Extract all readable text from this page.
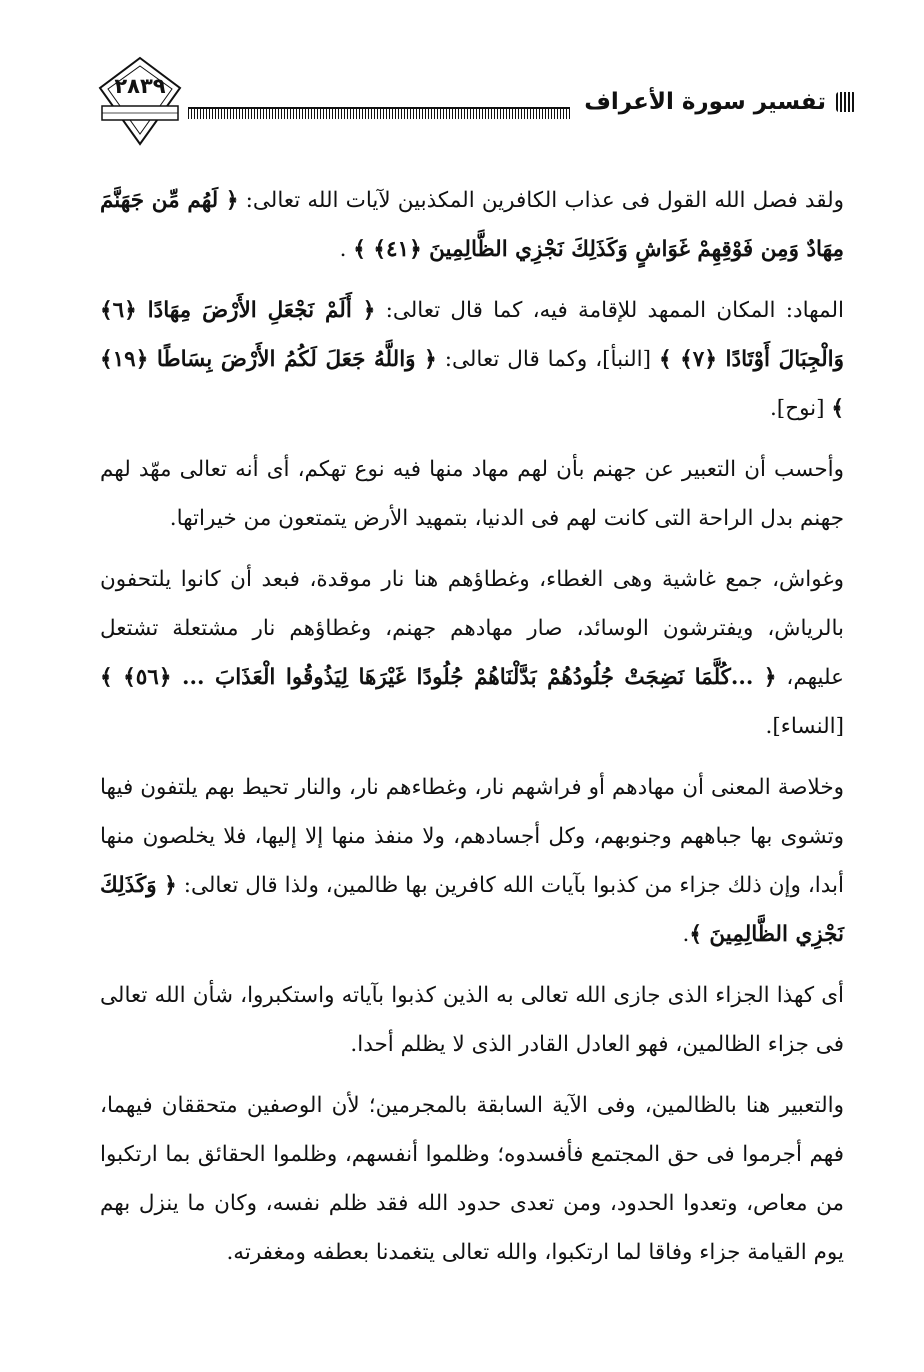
تفسير سورة الأعراف
٢٨٣٩

ولقد فصل الله القول فى عذاب الكافرين المكذبين لآيات الله تعالى: ﴿ لَهُم مِّن جَهَنَّمَ مِهَادٌ وَمِن فَوْقِهِمْ غَوَاشٍ وَكَذَلِكَ نَجْزِي الظَّالِمِينَ ﴿٤١﴾ ﴾ .

المهاد: المكان الممهد للإقامة فيه، كما قال تعالى: ﴿ أَلَمْ نَجْعَلِ الأَرْضَ مِهَادًا ﴿٦﴾ وَالْجِبَالَ أَوْتَادًا ﴿٧﴾ ﴾ [النبأ]، وكما قال تعالى: ﴿ وَاللَّهُ جَعَلَ لَكُمُ الأَرْضَ بِسَاطًا ﴿١٩﴾ ﴾ [نوح].

وأحسب أن التعبير عن جهنم بأن لهم مهاد منها فيه نوع تهكم، أى أنه تعالى مهّد لهم جهنم بدل الراحة التى كانت لهم فى الدنيا، بتمهيد الأرض يتمتعون من خيراتها.

وغواش، جمع غاشية وهى الغطاء، وغطاؤهم هنا نار موقدة، فبعد أن كانوا يلتحفون بالرياش، ويفترشون الوسائد، صار مهادهم جهنم، وغطاؤهم نار مشتعلة تشتعل عليهم، ﴿ ...كُلَّمَا نَضِجَتْ جُلُودُهُمْ بَدَّلْنَاهُمْ جُلُودًا غَيْرَهَا لِيَذُوقُوا الْعَذَابَ ... ﴿٥٦﴾ ﴾ [النساء].

وخلاصة المعنى أن مهادهم أو فراشهم نار، وغطاءهم نار، والنار تحيط بهم يلتفون فيها وتشوى بها جباههم وجنوبهم، وكل أجسادهم، ولا منفذ منها إلا إليها، فلا يخلصون منها أبدا، وإن ذلك جزاء من كذبوا بآيات الله كافرين بها ظالمين، ولذا قال تعالى: ﴿ وَكَذَلِكَ نَجْزِي الظَّالِمِينَ ﴾.

أى كهذا الجزاء الذى جازى الله تعالى به الذين كذبوا بآياته واستكبروا، شأن الله تعالى فى جزاء الظالمين، فهو العادل القادر الذى لا يظلم أحدا.

والتعبير هنا بالظالمين، وفى الآية السابقة بالمجرمين؛ لأن الوصفين متحققان فيهما، فهم أجرموا فى حق المجتمع فأفسدوه؛ وظلموا أنفسهم، وظلموا الحقائق بما ارتكبوا من معاص، وتعدوا الحدود، ومن تعدى حدود الله فقد ظلم نفسه، وكان ما ينزل بهم يوم القيامة جزاء وفاقا لما ارتكبوا، والله تعالى يتغمدنا بعطفه ومغفرته.
